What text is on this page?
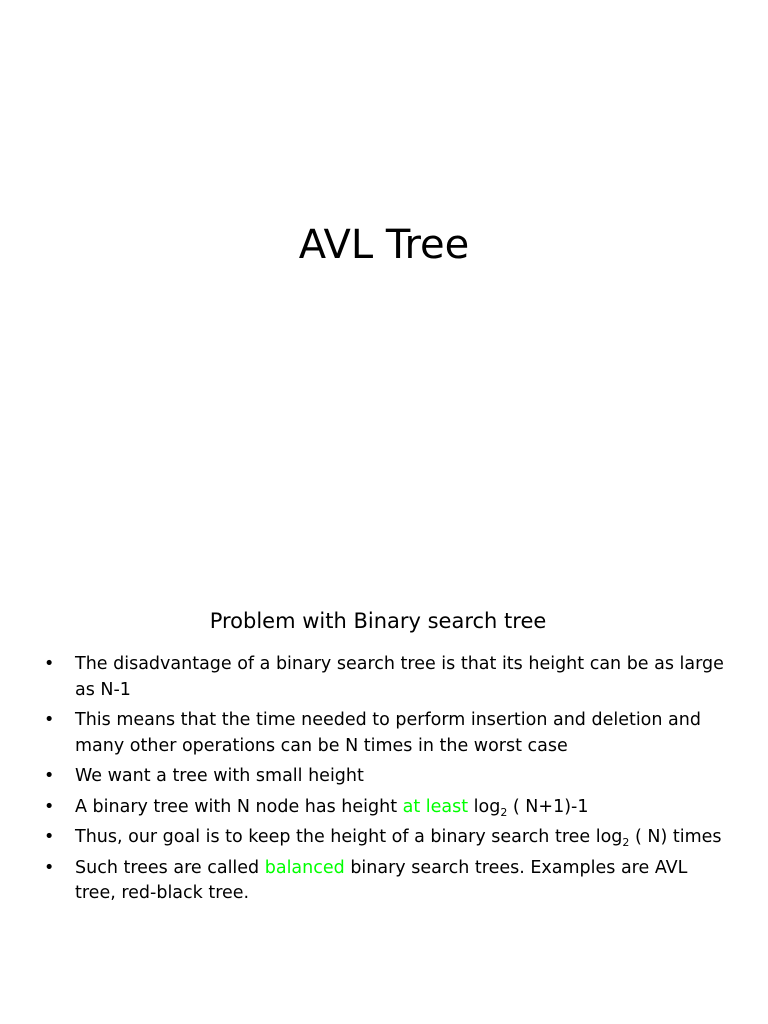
AVL Tree
Problem with Binary search tree
• The disadvantage of a binary search tree is that its height can be as large as N-1
• This means that the time needed to perform insertion and deletion and many other operations can be N times in the worst case
• We want a tree with small height
• A binary tree with N node has height at least $\log_2$ ( N+1)-1
• Thus, our goal is to keep the height of a binary search tree $\log_2$ ( N) times
• Such trees are called balanced binary search trees. Examples are AVL tree, red-black tree.
